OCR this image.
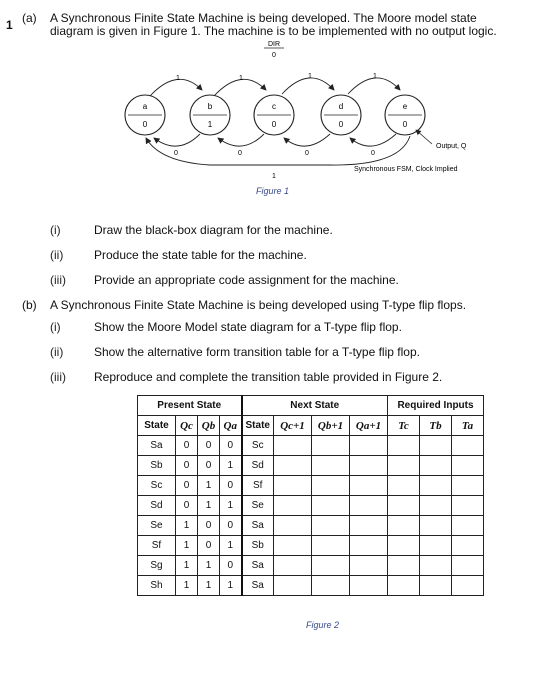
1 (a) A Synchronous Finite State Machine is being developed. The Moore model state
diagram is given in Figure 1. The machine is to be implemented with no output logic.
DIR
0
1	1	1	1
0	0	0	0
1
a
0
b
1
c
0
d
0
e
0
Output, Q
Synchronous FSM, Clock Implied
Figure 1
(i)	Draw the black-box diagram for the machine.
(ii)	Produce the state table for the machine.
(iii) Provide an appropriate code assignment for the machine.
(b) A Synchronous Finite State Machine is being developed using T-type flip flops.
(i)	Show the Moore Model state diagram for a T-type flip flop.
(ii)	Show the alternative form transition table for a T-type flip flop.
(iii) Reproduce and complete the transition table provided in Figure 2.
Present State				Next State				Required Inputs		
State	Qc	Qb	Qa	State	Qc+1	Qb+1	Qa+1	Tc	Tb	Ta
Sa	0	0	0	Sc						
Sb	0	0	1	Sd						
Sc	0	1	0	Sf						
Sd	0	1	1	Se						
Se	1	0	0	Sa						
Sf	1	0	1	Sb						
Sg	1	1	0	Sa						
Sh	1	1	1	Sa						
Figure 2
